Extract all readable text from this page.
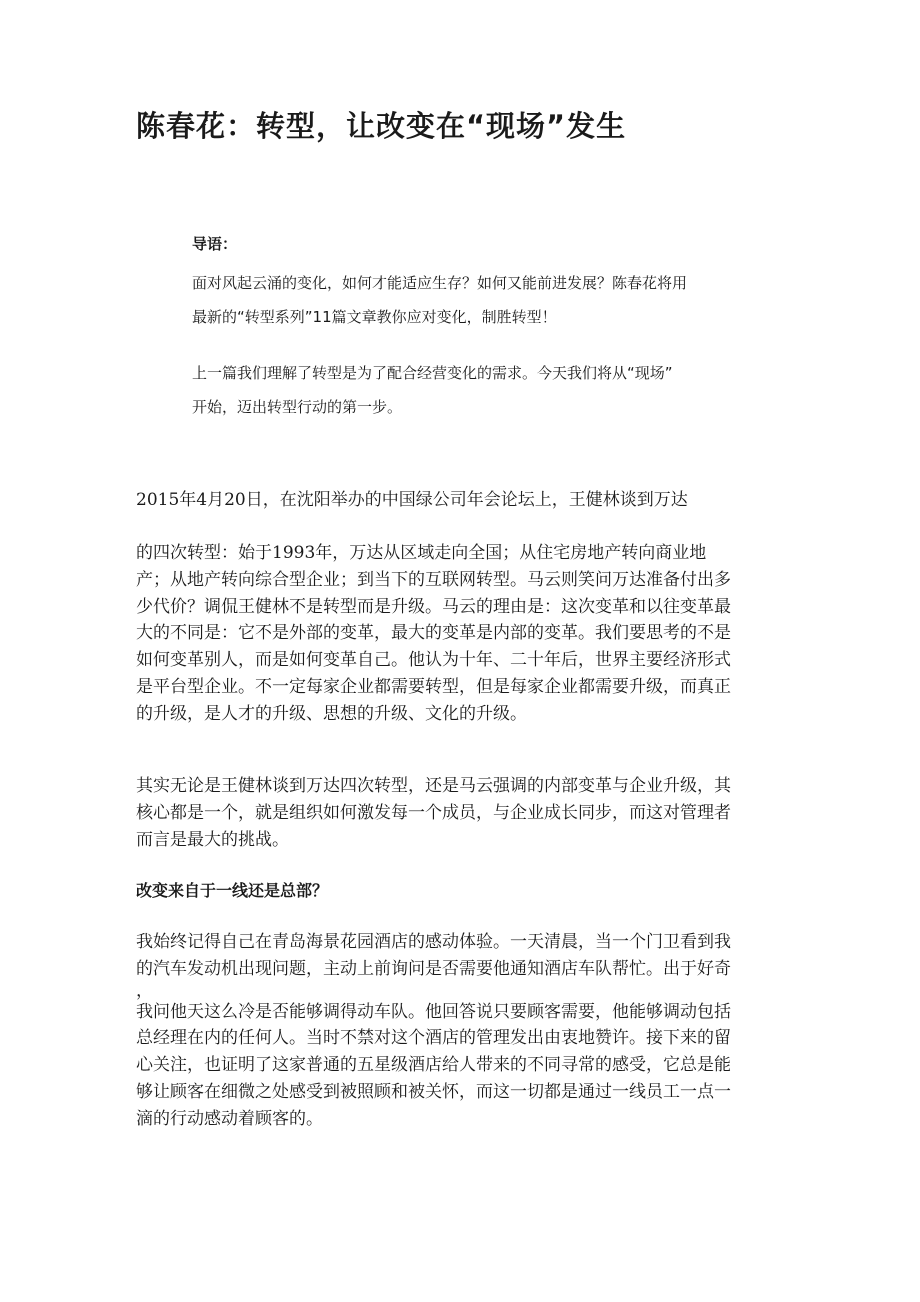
陈春花：转型，让改变在“现场”发生

导语：

面对风起云涌的变化，如何才能适应生存？如何又能前进发展？陈春花将用

最新的“转型系列”11篇文章教你应对变化，制胜转型！

上一篇我们理解了转型是为了配合经营变化的需求。今天我们将从“现场”

开始，迈出转型行动的第一步。

2015年4月20日，在沈阳举办的中国绿公司年会论坛上，王健林谈到万达

的四次转型：始于1993年，万达从区域走向全国；从住宅房地产转向商业地
产；从地产转向综合型企业；到当下的互联网转型。马云则笑问万达准备付出多
少代价？调侃王健林不是转型而是升级。马云的理由是：这次变革和以往变革最
大的不同是：它不是外部的变革，最大的变革是内部的变革。我们要思考的不是
如何变革别人，而是如何变革自己。他认为十年、二十年后，世界主要经济形式
是平台型企业。不一定每家企业都需要转型，但是每家企业都需要升级，而真正
的升级，是人才的升级、思想的升级、文化的升级。
其实无论是王健林谈到万达四次转型，还是马云强调的内部变革与企业升级，其
核心都是一个，就是组织如何激发每一个成员，与企业成长同步，而这对管理者
而言是最大的挑战。
改变来自于一线还是总部？
我始终记得自己在青岛海景花园酒店的感动体验。一天清晨，当一个门卫看到我
的汽车发动机出现问题，主动上前询问是否需要他通知酒店车队帮忙。出于好奇
，
我问他天这么冷是否能够调得动车队。他回答说只要顾客需要，他能够调动包括
总经理在内的任何人。当时不禁对这个酒店的管理发出由衷地赞许。接下来的留
心关注，也证明了这家普通的五星级酒店给人带来的不同寻常的感受，它总是能
够让顾客在细微之处感受到被照顾和被关怀，而这一切都是通过一线员工一点一
滴的行动感动着顾客的。
